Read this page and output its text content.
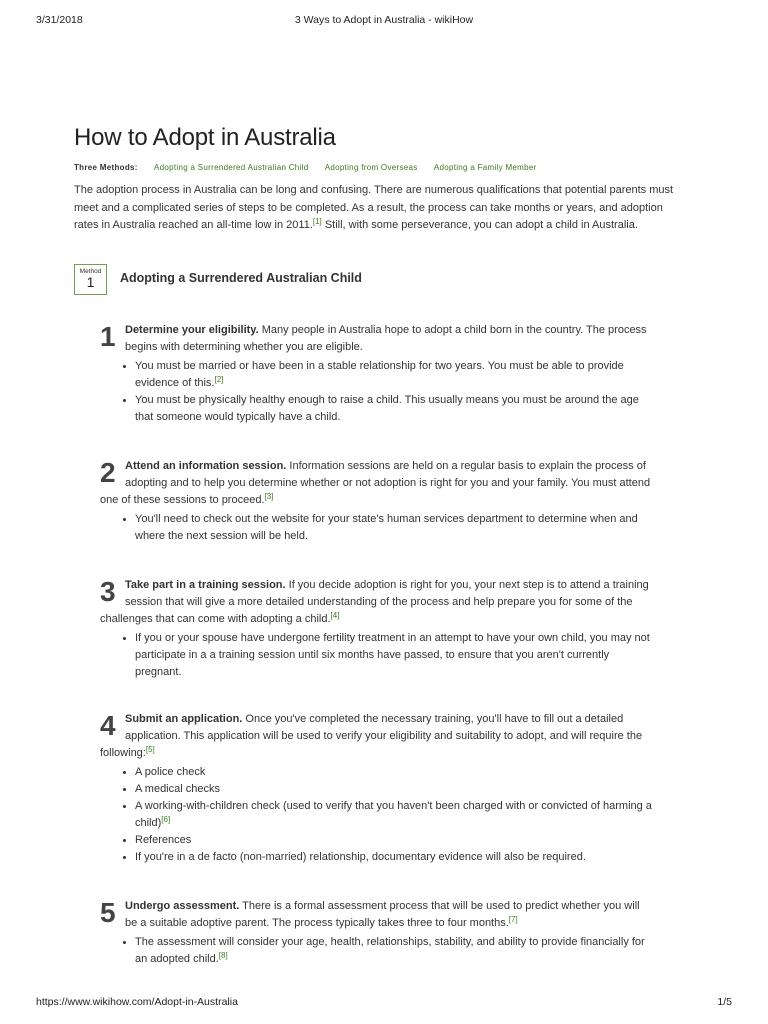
3/31/2018	3 Ways to Adopt in Australia - wikiHow
How to Adopt in Australia
Three Methods: Adopting a Surrendered Australian Child Adopting from Overseas Adopting a Family Member

The adoption process in Australia can be long and confusing. There are numerous qualifications that potential parents must meet and a complicated series of steps to be completed. As a result, the process can take months or years, and adoption rates in Australia reached an all-time low in 2011.[1] Still, with some perseverance, you can adopt a child in Australia.

Method
1	Adopting a Surrendered Australian Child
1 Determine your eligibility. Many people in Australia hope to adopt a child born in the country. The process begins with determining whether you are eligible.

• You must be married or have been in a stable relationship for two years. You must be able to provide evidence of this.[2]
• You must be physically healthy enough to raise a child. This usually means you must be around the age that someone would typically have a child.
2 Attend an information session. Information sessions are held on a regular basis to explain the process of adopting and to help you determine whether or not adoption is right for you and your family. You must attend one of these sessions to proceed.[3]

• You'll need to check out the website for your state's human services department to determine when and where the next session will be held.
3 Take part in a training session. If you decide adoption is right for you, your next step is to attend a training session that will give a more detailed understanding of the process and help prepare you for some of the challenges that can come with adopting a child.[4]

• If you or your spouse have undergone fertility treatment in an attempt to have your own child, you may not participate in a a training session until six months have passed, to ensure that you aren't currently pregnant.
4 Submit an application. Once you've completed the necessary training, you'll have to fill out a detailed application. This application will be used to verify your eligibility and suitability to adopt, and will require the following:[5]

• A police check
• A medical checks
• A working-with-children check (used to verify that you haven't been charged with or convicted of harming a child)[6]
• References
• If you're in a de facto (non-married) relationship, documentary evidence will also be required.
5 Undergo assessment. There is a formal assessment process that will be used to predict whether you will be a suitable adoptive parent. The process typically takes three to four months.[7]

• The assessment will consider your age, health, relationships, stability, and ability to provide financially for an adopted child.[8]
https://www.wikihow.com/Adopt-in-Australia	1/5
